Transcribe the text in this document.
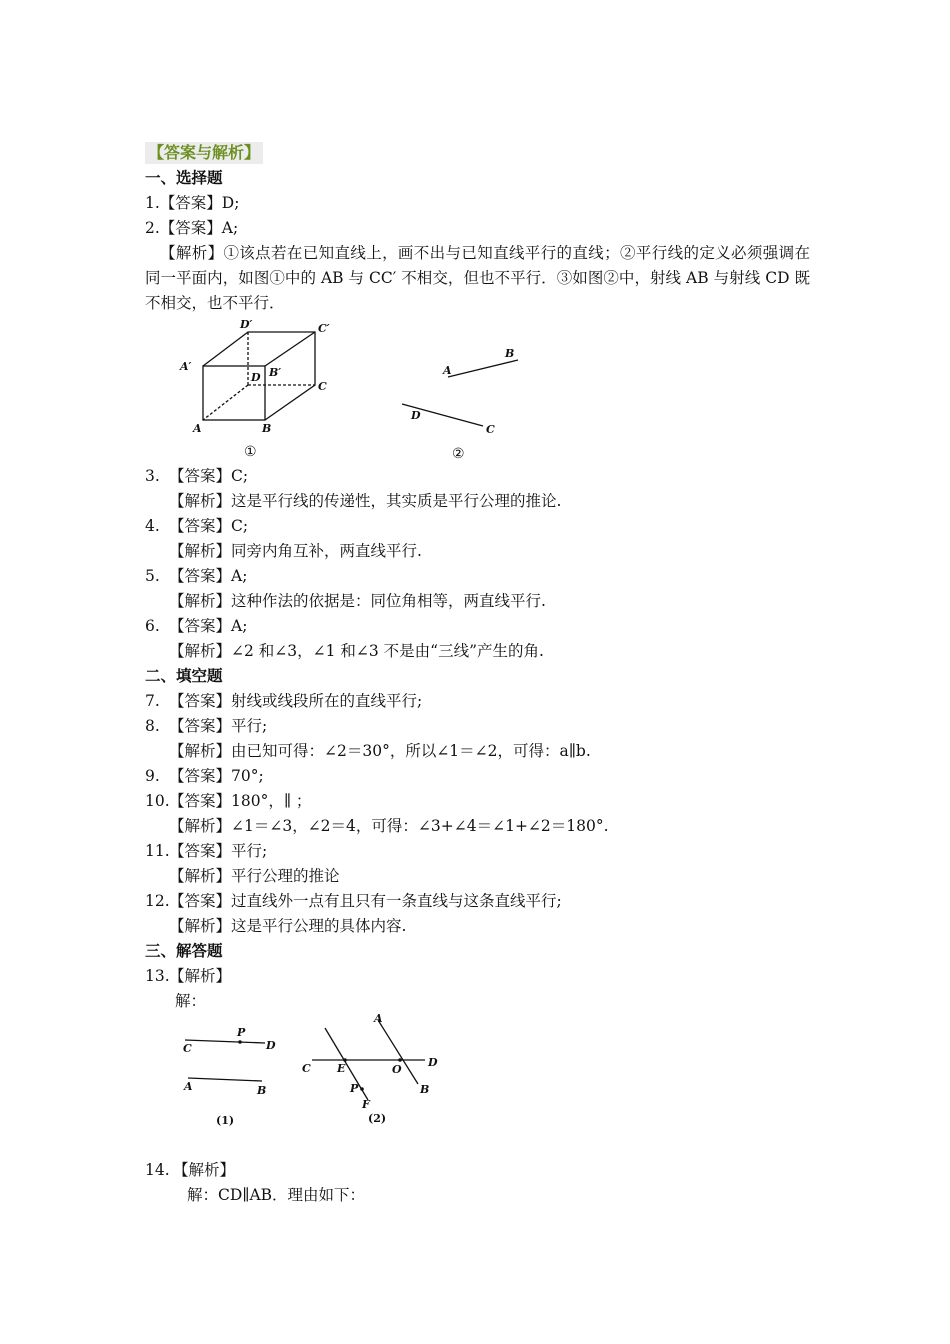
【答案与解析】
一、选择题
1.【答案】D;
2.【答案】A;
【解析】①该点若在已知直线上，画不出与已知直线平行的直线；②平行线的定义必须强调在同一平面内，如图①中的 AB 与 CC′ 不相交，但也不平行．③如图②中，射线 AB 与射线 CD 既不相交，也不平行．
A	B
C
D
A′	B′
C′
D′
A
B
C
D
①	②
3. 【答案】C;
【解析】这是平行线的传递性，其实质是平行公理的推论.
4. 【答案】C;
【解析】同旁内角互补，两直线平行.
5. 【答案】A;
【解析】这种作法的依据是：同位角相等，两直线平行.
6. 【答案】A;
【解析】∠2 和∠3，∠1 和∠3 不是由“三线”产生的角.
二、填空题
7. 【答案】射线或线段所在的直线平行;
8. 【答案】平行;
【解析】由已知可得：∠2＝30°，所以∠1＝∠2，可得：a∥b.
9. 【答案】70°;
10.【答案】180°，∥ ；
【解析】∠1＝∠3，∠2＝4，可得：∠3+∠4＝∠1+∠2＝180°.
11.【答案】平行;
【解析】平行公理的推论
12.【答案】过直线外一点有且只有一条直线与这条直线平行;
【解析】这是平行公理的具体内容.
三、解答题
13.【解析】
解：
C	D
P
A	B
A
B
C	D
E	O
P
F
(1)	(2)
14. 【解析】
解：CD∥AB．理由如下：
